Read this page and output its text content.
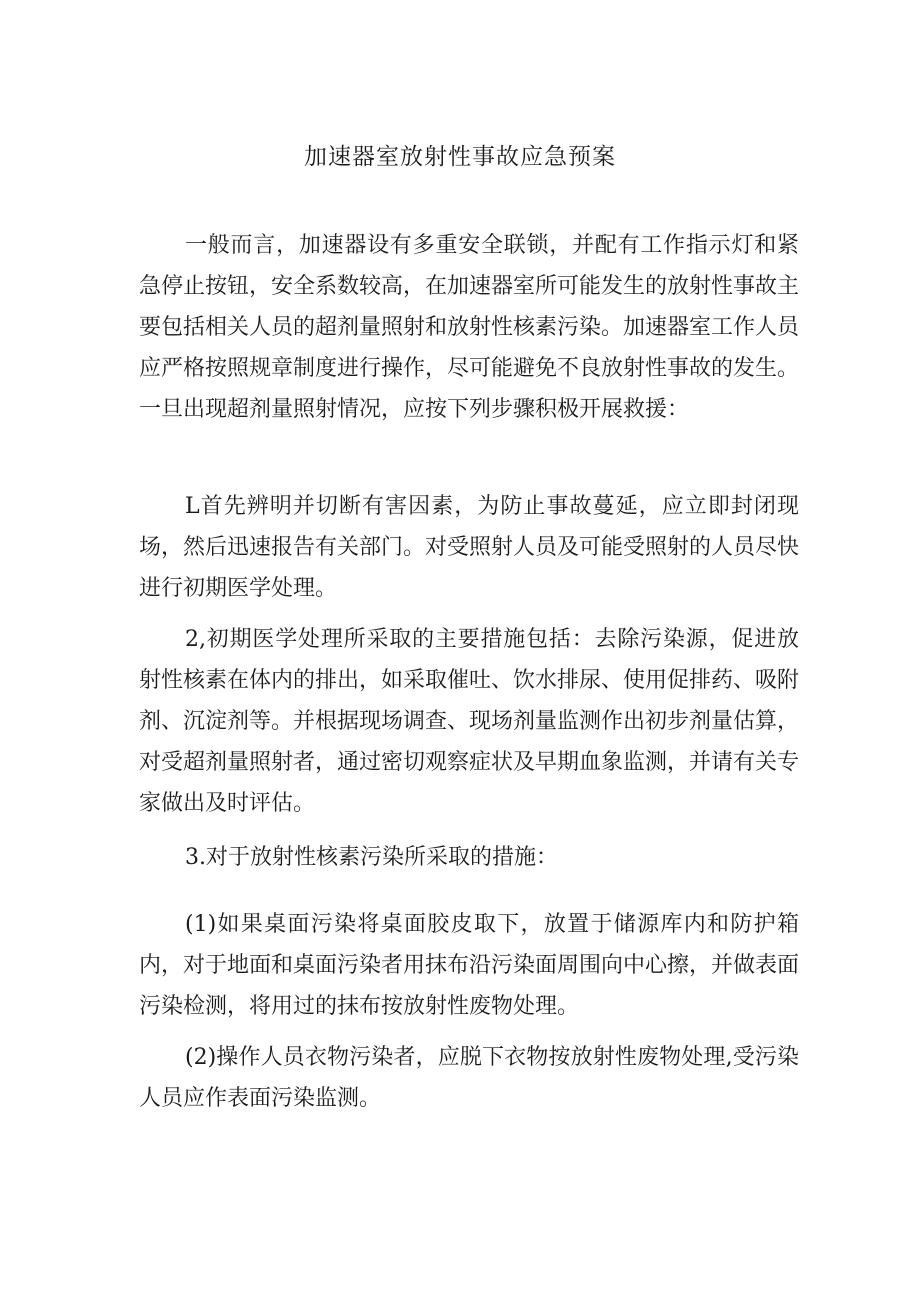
加速器室放射性事故应急预案

一般而言，加速器设有多重安全联锁，并配有工作指示灯和紧急停止按钮，安全系数较高，在加速器室所可能发生的放射性事故主要包括相关人员的超剂量照射和放射性核素污染。加速器室工作人员应严格按照规章制度进行操作，尽可能避免不良放射性事故的发生。一旦出现超剂量照射情况，应按下列步骤积极开展救援：

L首先辨明并切断有害因素，为防止事故蔓延，应立即封闭现场，然后迅速报告有关部门。对受照射人员及可能受照射的人员尽快进行初期医学处理。

2,初期医学处理所采取的主要措施包括：去除污染源，促进放射性核素在体内的排出，如采取催吐、饮水排尿、使用促排药、吸附剂、沉淀剂等。并根据现场调查、现场剂量监测作出初步剂量估算，对受超剂量照射者，通过密切观察症状及早期血象监测，并请有关专家做出及时评估。

3.对于放射性核素污染所采取的措施：

(1)如果桌面污染将桌面胶皮取下，放置于储源库内和防护箱内，对于地面和桌面污染者用抹布沿污染面周围向中心擦，并做表面污染检测，将用过的抹布按放射性废物处理。

(2)操作人员衣物污染者，应脱下衣物按放射性废物处理,受污染人员应作表面污染监测。
